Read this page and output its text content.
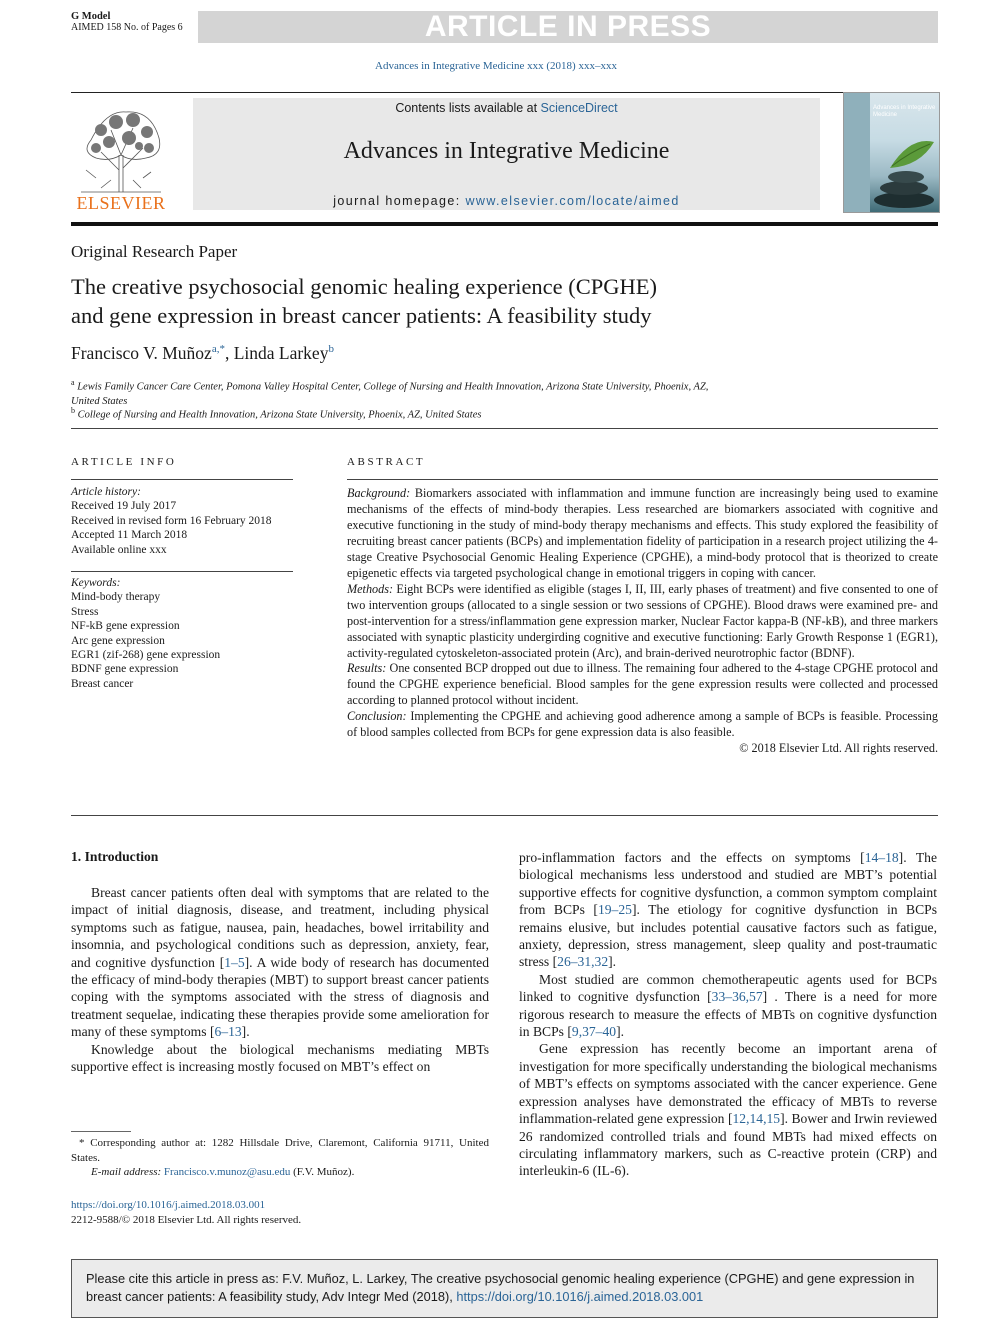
G Model
AIMED 158 No. of Pages 6	ARTICLE IN PRESS
Advances in Integrative Medicine xxx (2018) xxx–xxx
ELSEVIER
Contents lists available at ScienceDirect
Advances in Integrative Medicine
journal homepage: www.elsevier.com/locate/aimed
Advances in Integrative Medicine
Original Research Paper
The creative psychosocial genomic healing experience (CPGHE)
and gene expression in breast cancer patients: A feasibility study
Francisco V. Muñoz$^{a,*}$, Linda Larkey$^b$
$^a$ Lewis Family Cancer Care Center, Pomona Valley Hospital Center, College of Nursing and Health Innovation, Arizona State University, Phoenix, AZ,
United States
$^b$ College of Nursing and Health Innovation, Arizona State University, Phoenix, AZ, United States
ARTICLE INFO
Article history:
Received 19 July 2017
Received in revised form 16 February 2018
Accepted 11 March 2018
Available online xxx
Keywords:
Mind-body therapy
Stress
NF-kB gene expression
Arc gene expression
EGR1 (zif-268) gene expression
BDNF gene expression
Breast cancer
ABSTRACT
Background: Biomarkers associated with inflammation and immune function are increasingly being used to examine mechanisms of the effects of mind-body therapies. Less researched are biomarkers associated with cognitive and executive functioning in the study of mind-body therapy mechanisms and effects. This study explored the feasibility of recruiting breast cancer patients (BCPs) and implementation fidelity of participation in a research project utilizing the 4-stage Creative Psychosocial Genomic Healing Experience (CPGHE), a mind-body protocol that is theorized to create epigenetic effects via targeted psychological change in emotional triggers in coping with cancer.
Methods: Eight BCPs were identified as eligible (stages I, II, III, early phases of treatment) and five consented to one of two intervention groups (allocated to a single session or two sessions of CPGHE). Blood draws were examined pre- and post-intervention for a stress/inflammation gene expression marker, Nuclear Factor kappa-B (NF-kB), and three markers associated with synaptic plasticity undergirding cognitive and executive functioning: Early Growth Response 1 (EGR1), activity-regulated cytoskeleton-associated protein (Arc), and brain-derived neurotrophic factor (BDNF).
Results: One consented BCP dropped out due to illness. The remaining four adhered to the 4-stage CPGHE protocol and found the CPGHE experience beneficial. Blood samples for the gene expression results were collected and processed according to planned protocol without incident.
Conclusion: Implementing the CPGHE and achieving good adherence among a sample of BCPs is feasible. Processing of blood samples collected from BCPs for gene expression data is also feasible.
© 2018 Elsevier Ltd. All rights reserved.
1. Introduction

Breast cancer patients often deal with symptoms that are related to the impact of initial diagnosis, disease, and treatment, including physical symptoms such as fatigue, nausea, pain, headaches, bowel irritability and insomnia, and psychological conditions such as depression, anxiety, fear, and cognitive dysfunction [1–5]. A wide body of research has documented the efficacy of mind-body therapies (MBT) to support breast cancer patients coping with the symptoms associated with the stress of diagnosis and treatment sequelae, indicating these therapies provide some amelioration for many of these symptoms [6–13].

Knowledge about the biological mechanisms mediating MBTs supportive effect is increasing mostly focused on MBT’s effect on

* Corresponding author at: 1282 Hillsdale Drive, Claremont, California 91711, United States.
E-mail address: Francisco.v.munoz@asu.edu (F.V. Muñoz).
https://doi.org/10.1016/j.aimed.2018.03.001
2212-9588/© 2018 Elsevier Ltd. All rights reserved.

pro-inflammation factors and the effects on symptoms [14–18]. The biological mechanisms less understood and studied are MBT’s potential supportive effects for cognitive dysfunction, a common symptom complaint from BCPs [19–25]. The etiology for cognitive dysfunction in BCPs remains elusive, but includes potential causative factors such as fatigue, anxiety, depression, stress management, sleep quality and post-traumatic stress [26–31,32].

Most studied are common chemotherapeutic agents used for BCPs linked to cognitive dysfunction [33–36,57] . There is a need for more rigorous research to measure the effects of MBTs on cognitive dysfunction in BCPs [9,37–40].

Gene expression has recently become an important arena of investigation for more specifically understanding the biological mechanisms of MBT’s effects on symptoms associated with the cancer experience. Gene expression analyses have demonstrated the efficacy of MBTs to reverse inflammation-related gene expression [12,14,15]. Bower and Irwin reviewed 26 randomized controlled trials and found MBTs had mixed effects on circulating inflammatory markers, such as C-reactive protein (CRP) and interleukin-6 (IL-6).

Please cite this article in press as: F.V. Muñoz, L. Larkey, The creative psychosocial genomic healing experience (CPGHE) and gene expression in breast cancer patients: A feasibility study, Adv Integr Med (2018), https://doi.org/10.1016/j.aimed.2018.03.001
